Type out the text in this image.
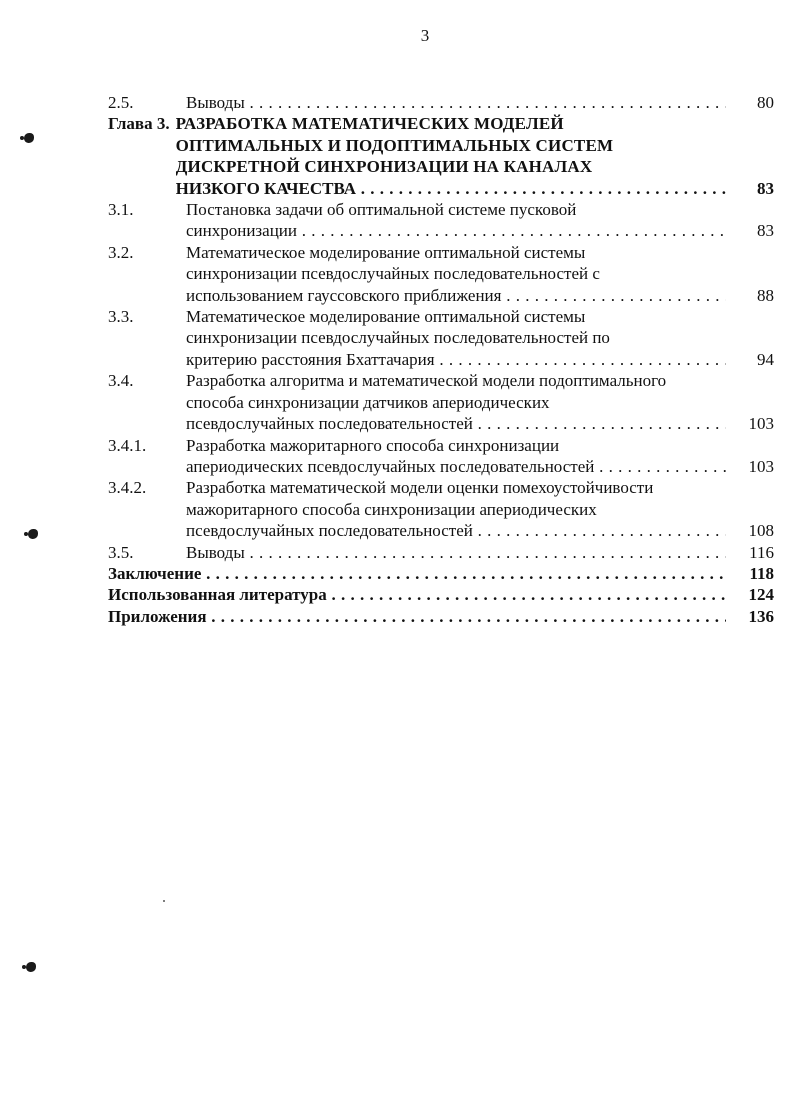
3
2.5.	Выводы . . .	80
Глава 3. РАЗРАБОТКА МАТЕМАТИЧЕСКИХ МОДЕЛЕЙ
ОПТИМАЛЬНЫХ И ПОДОПТИМАЛЬНЫХ СИСТЕМ
ДИСКРЕТНОЙ СИНХРОНИЗАЦИИ НА КАНАЛАХ
НИЗКОГО КАЧЕСТВА . . .	83
3.1.	Постановка задачи об оптимальной системе пусковой
синхронизации . . .	83
3.2.	Математическое моделирование оптимальной системы
синхронизации псевдослучайных последовательностей с
использованием гауссовского приближения . . .	88
3.3.	Математическое моделирование оптимальной системы
синхронизации псевдослучайных последовательностей по
критерию расстояния Бхаттачария . . .	94
3.4.	Разработка алгоритма и математической модели подоптимального
способа синхронизации датчиков апериодических
псевдослучайных последовательностей . . .	103
3.4.1.	Разработка мажоритарного способа синхронизации
апериодических псевдослучайных последовательностей . . .	103
3.4.2.	Разработка математической модели оценки помехоустойчивости
мажоритарного способа синхронизации апериодических
псевдослучайных последовательностей . . .	108
3.5.	Выводы . . .	116
Заключение . . .	118
Использованная литература . . .	124
Приложения . . .	136
